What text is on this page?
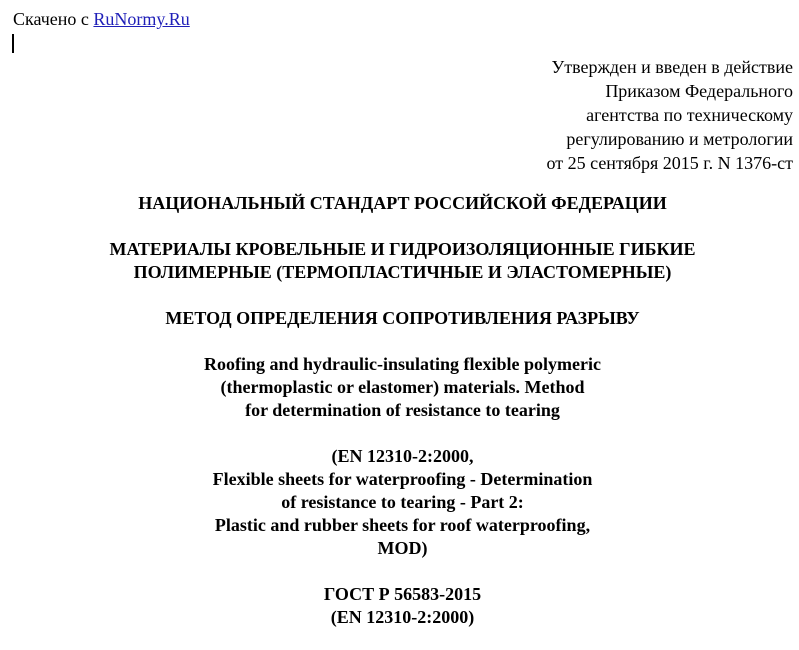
Скачено с RuNormy.Ru
Утвержден и введен в действие
Приказом Федерального
агентства по техническому
регулированию и метрологии
от 25 сентября 2015 г. N 1376-ст
НАЦИОНАЛЬНЫЙ СТАНДАРТ РОССИЙСКОЙ ФЕДЕРАЦИИ
МАТЕРИАЛЫ КРОВЕЛЬНЫЕ И ГИДРОИЗОЛЯЦИОННЫЕ ГИБКИЕ
ПОЛИМЕРНЫЕ (ТЕРМОПЛАСТИЧНЫЕ И ЭЛАСТОМЕРНЫЕ)
МЕТОД ОПРЕДЕЛЕНИЯ СОПРОТИВЛЕНИЯ РАЗРЫВУ
Roofing and hydraulic-insulating flexible polymeric
(thermoplastic or elastomer) materials. Method
for determination of resistance to tearing
(EN 12310-2:2000,
Flexible sheets for waterproofing - Determination
of resistance to tearing - Part 2:
Plastic and rubber sheets for roof waterproofing,
MOD)
ГОСТ Р 56583-2015
(EN 12310-2:2000)
